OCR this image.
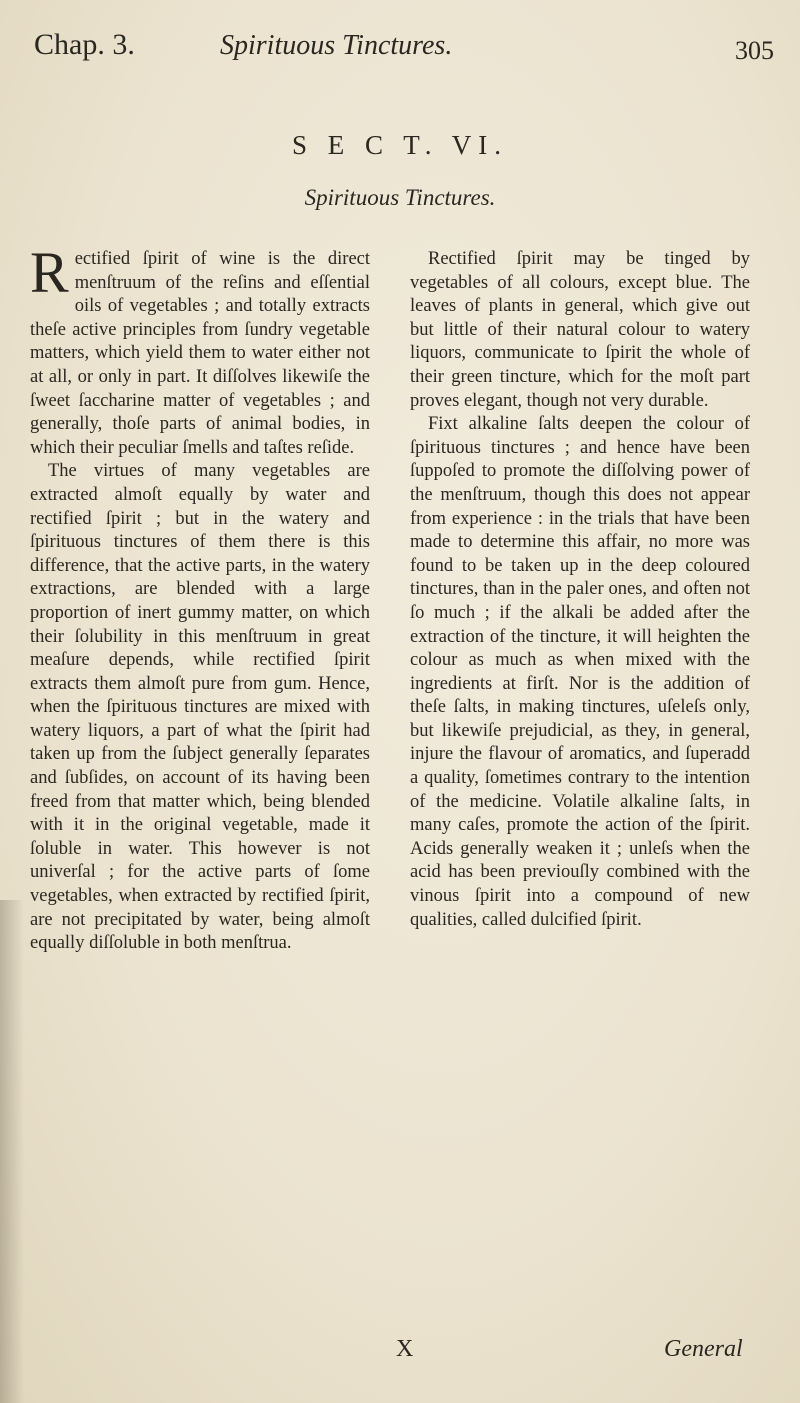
Chap. 3.	Spirituous Tinctures.	305
S E C T. VI.
Spirituous Tinctures.

Rectified ſpirit of wine is the direct menſtruum of the reſins and eſſential oils of vegetables ; and totally extracts theſe active principles from ſundry vegetable matters, which yield them to water either not at all, or only in part. It diſſolves likewiſe the ſweet ſaccharine matter of vegetables ; and generally, thoſe parts of animal bodies, in which their peculiar ſmells and taſtes reſide.

The virtues of many vegetables are extracted almoſt equally by water and rectified ſpirit ; but in the watery and ſpirituous tinctures of them there is this difference, that the active parts, in the watery extractions, are blended with a large proportion of inert gummy matter, on which their ſolubility in this menſtruum in great meaſure depends, while rectified ſpirit extracts them almoſt pure from gum. Hence, when the ſpirituous tinctures are mixed with watery liquors, a part of what the ſpirit had taken up from the ſubject generally ſeparates and ſubſides, on account of its having been freed from that matter which, being blended with it in the original vegetable, made it ſoluble in water. This however is not univerſal ; for the active parts of ſome vegetables, when extracted by rectified ſpirit, are not precipitated by water, being almoſt equally diſſoluble in both menſtrua.

Rectified ſpirit may be tinged by vegetables of all colours, except blue. The leaves of plants in general, which give out but little of their natural colour to watery liquors, communicate to ſpirit the whole of their green tincture, which for the moſt part proves elegant, though not very durable.

Fixt alkaline ſalts deepen the colour of ſpirituous tinctures ; and hence have been ſuppoſed to promote the diſſolving power of the menſtruum, though this does not appear from experience : in the trials that have been made to determine this affair, no more was found to be taken up in the deep coloured tinctures, than in the paler ones, and often not ſo much ; if the alkali be added after the extraction of the tincture, it will heighten the colour as much as when mixed with the ingredients at firſt. Nor is the addition of theſe ſalts, in making tinctures, uſeleſs only, but likewiſe prejudicial, as they, in general, injure the flavour of aromatics, and ſuperadd a quality, ſometimes contrary to the intention of the medicine. Volatile alkaline ſalts, in many caſes, promote the action of the ſpirit. Acids generally weaken it ; unleſs when the acid has been previouſly combined with the vinous ſpirit into a compound of new qualities, called dulcified ſpirit.

X	General
